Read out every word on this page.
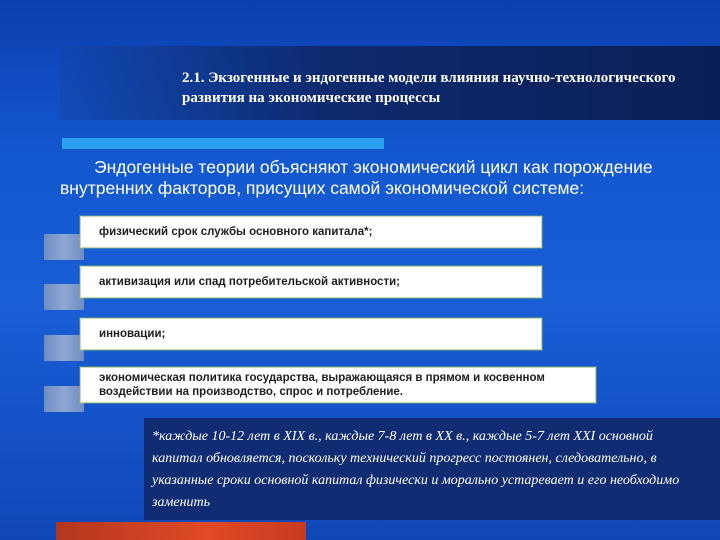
2.1. Экзогенные и эндогенные модели влияния научно-технологического развития на экономические процессы
Эндогенные теории объясняют экономический цикл как порождение внутренних факторов, присущих самой экономической системе:
физический срок службы основного капитала*;
активизация или спад потребительской активности;
инновации;
экономическая политика государства, выражающаяся в прямом и косвенном воздействии на производство, спрос и потребление.
*каждые 10-12 лет в XIX в., каждые 7-8 лет в XX в., каждые 5-7 лет XXI основной капитал обновляется, поскольку технический прогресс постоянен, следовательно, в указанные сроки основной капитал физически и морально устаревает и его необходимо заменить
